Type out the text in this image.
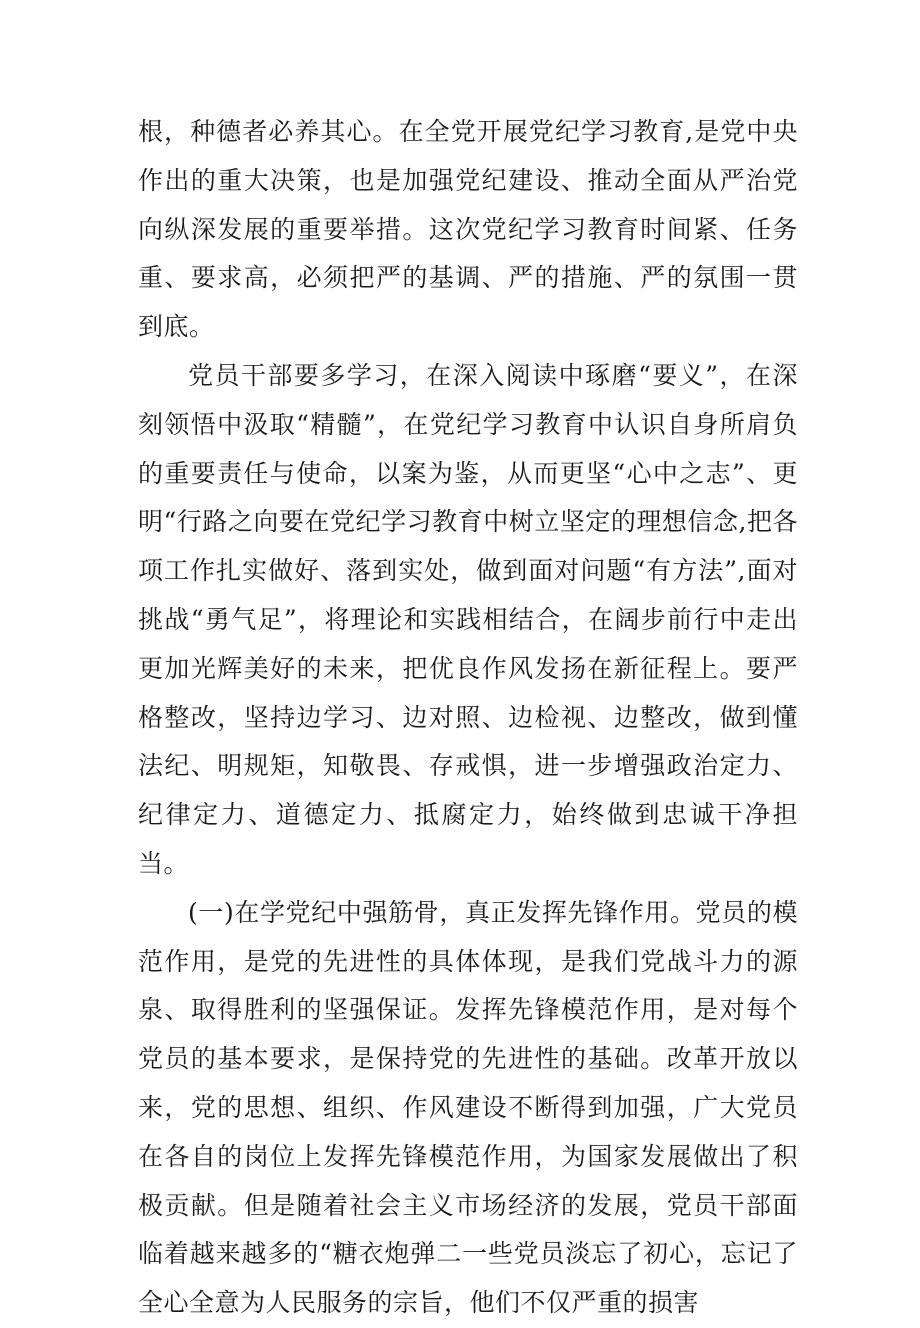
根，种德者必养其心。在全党开展党纪学习教育,是党中央作出的重大决策，也是加强党纪建设、推动全面从严治党向纵深发展的重要举措。这次党纪学习教育时间紧、任务重、要求高，必须把严的基调、严的措施、严的氛围一贯到底。

党员干部要多学习，在深入阅读中琢磨“要义”，在深刻领悟中汲取“精髓”，在党纪学习教育中认识自身所肩负的重要责任与使命，以案为鉴，从而更坚“心中之志”、更明“行路之向要在党纪学习教育中树立坚定的理想信念,把各项工作扎实做好、落到实处，做到面对问题“有方法”,面对挑战“勇气足”，将理论和实践相结合，在阔步前行中走出更加光辉美好的未来，把优良作风发扬在新征程上。要严格整改，坚持边学习、边对照、边检视、边整改，做到懂法纪、明规矩，知敬畏、存戒惧，进一步增强政治定力、纪律定力、道德定力、抵腐定力，始终做到忠诚干净担当。

(一)在学党纪中强筋骨，真正发挥先锋作用。党员的模范作用，是党的先进性的具体体现，是我们党战斗力的源泉、取得胜利的坚强保证。发挥先锋模范作用，是对每个党员的基本要求，是保持党的先进性的基础。改革开放以来，党的思想、组织、作风建设不断得到加强，广大党员在各自的岗位上发挥先锋模范作用，为国家发展做出了积极贡献。但是随着社会主义市场经济的发展，党员干部面临着越来越多的“糖衣炮弹二一些党员淡忘了初心，忘记了全心全意为人民服务的宗旨，他们不仅严重的损害
